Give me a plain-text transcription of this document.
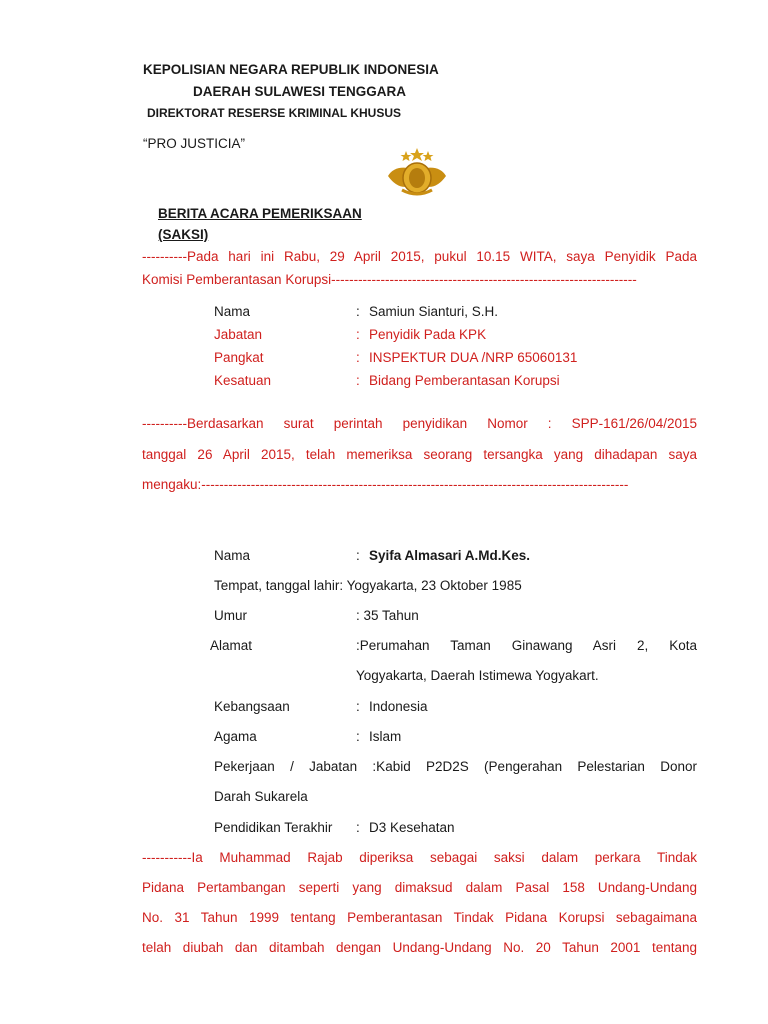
KEPOLISIAN NEGARA REPUBLIK INDONESIA
DAERAH SULAWESI TENGGARA
DIREKTORAT RESERSE KRIMINAL KHUSUS
“PRO JUSTICIA”
BERITA ACARA PEMERIKSAAN
(SAKSI)
----------Pada hari ini Rabu, 29 April 2015, pukul 10.15 WITA, saya Penyidik Pada
Komisi Pemberantasan Korupsi--------------------------------------------------------------------
Nama	: Samiun Sianturi, S.H.
Jabatan	: Penyidik Pada KPK
Pangkat	: INSPEKTUR DUA /NRP 65060131
Kesatuan	: Bidang Pemberantasan Korupsi
----------Berdasarkan surat perintah penyidikan Nomor : SPP-161/26/04/2015
tanggal 26 April 2015, telah memeriksa seorang tersangka yang dihadapan saya
mengaku:-----------------------------------------------------------------------------------------------
Nama	: Syifa Almasari A.Md.Kes.
Tempat, tanggal lahir: Yogyakarta, 23 Oktober 1985
Umur	: 35 Tahun
Alamat	:Perumahan Taman Ginawang Asri 2, Kota
Yogyakarta, Daerah Istimewa Yogyakart.
Kebangsaan	: Indonesia
Agama	: Islam
Pekerjaan / Jabatan :Kabid P2D2S (Pengerahan Pelestarian Donor
Darah Sukarela
Pendidikan Terakhir : D3 Kesehatan
-----------Ia Muhammad Rajab diperiksa sebagai saksi dalam perkara Tindak
Pidana Pertambangan seperti yang dimaksud dalam Pasal 158 Undang-Undang
No. 31 Tahun 1999 tentang Pemberantasan Tindak Pidana Korupsi sebagaimana
telah diubah dan ditambah dengan Undang-Undang No. 20 Tahun 2001 tentang
